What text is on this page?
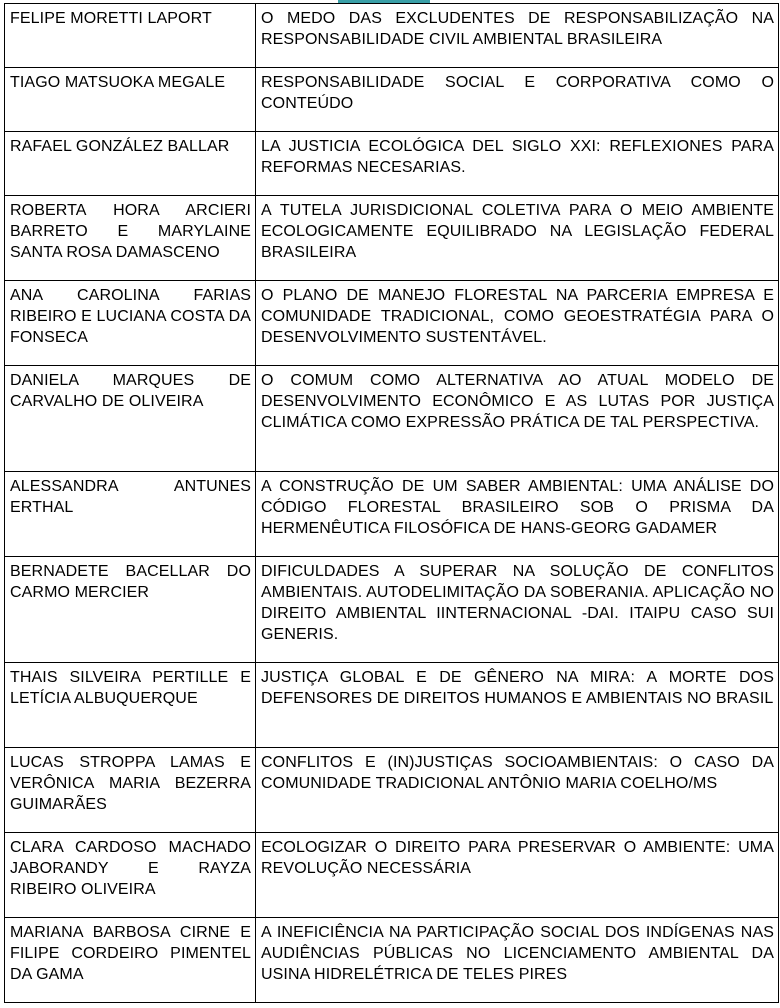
FELIPE MORETTI LAPORT	O MEDO DAS EXCLUDENTES DE RESPONSABILIZAÇÃO NA RESPONSABILIDADE CIVIL AMBIENTAL BRASILEIRA
TIAGO MATSUOKA MEGALE	RESPONSABILIDADE SOCIAL E CORPORATIVA COMO O CONTEÚDO
RAFAEL GONZÁLEZ BALLAR	LA JUSTICIA ECOLÓGICA DEL SIGLO XXI: REFLEXIONES PARA REFORMAS NECESARIAS.
ROBERTA HORA ARCIERI BARRETO E MARYLAINE SANTA ROSA DAMASCENO	A TUTELA JURISDICIONAL COLETIVA PARA O MEIO AMBIENTE ECOLOGICAMENTE EQUILIBRADO NA LEGISLAÇÃO FEDERAL BRASILEIRA
ANA CAROLINA FARIAS RIBEIRO E LUCIANA COSTA DA FONSECA	O PLANO DE MANEJO FLORESTAL NA PARCERIA EMPRESA E COMUNIDADE TRADICIONAL, COMO GEOESTRATÉGIA PARA O DESENVOLVIMENTO SUSTENTÁVEL.
DANIELA MARQUES DE CARVALHO DE OLIVEIRA	O COMUM COMO ALTERNATIVA AO ATUAL MODELO DE DESENVOLVIMENTO ECONÔMICO E AS LUTAS POR JUSTIÇA CLIMÁTICA COMO EXPRESSÃO PRÁTICA DE TAL PERSPECTIVA.
ALESSANDRA ANTUNES ERTHAL	A CONSTRUÇÃO DE UM SABER AMBIENTAL: UMA ANÁLISE DO CÓDIGO FLORESTAL BRASILEIRO SOB O PRISMA DA HERMENÊUTICA FILOSÓFICA DE HANS-GEORG GADAMER
BERNADETE BACELLAR DO CARMO MERCIER	DIFICULDADES A SUPERAR NA SOLUÇÃO DE CONFLITOS AMBIENTAIS. AUTODELIMITAÇÃO DA SOBERANIA. APLICAÇÃO NO DIREITO AMBIENTAL IINTERNACIONAL -DAI. ITAIPU CASO SUI GENERIS.
THAIS SILVEIRA PERTILLE E LETÍCIA ALBUQUERQUE	JUSTIÇA GLOBAL E DE GÊNERO NA MIRA: A MORTE DOS DEFENSORES DE DIREITOS HUMANOS E AMBIENTAIS NO BRASIL
LUCAS STROPPA LAMAS E VERÔNICA MARIA BEZERRA GUIMARÃES	CONFLITOS E (IN)JUSTIÇAS SOCIOAMBIENTAIS: O CASO DA COMUNIDADE TRADICIONAL ANTÔNIO MARIA COELHO/MS
CLARA CARDOSO MACHADO JABORANDY E RAYZA RIBEIRO OLIVEIRA	ECOLOGIZAR O DIREITO PARA PRESERVAR O AMBIENTE: UMA REVOLUÇÃO NECESSÁRIA
MARIANA BARBOSA CIRNE E FILIPE CORDEIRO PIMENTEL DA GAMA	A INEFICIÊNCIA NA PARTICIPAÇÃO SOCIAL DOS INDÍGENAS NAS AUDIÊNCIAS PÚBLICAS NO LICENCIAMENTO AMBIENTAL DA USINA HIDRELÉTRICA DE TELES PIRES
